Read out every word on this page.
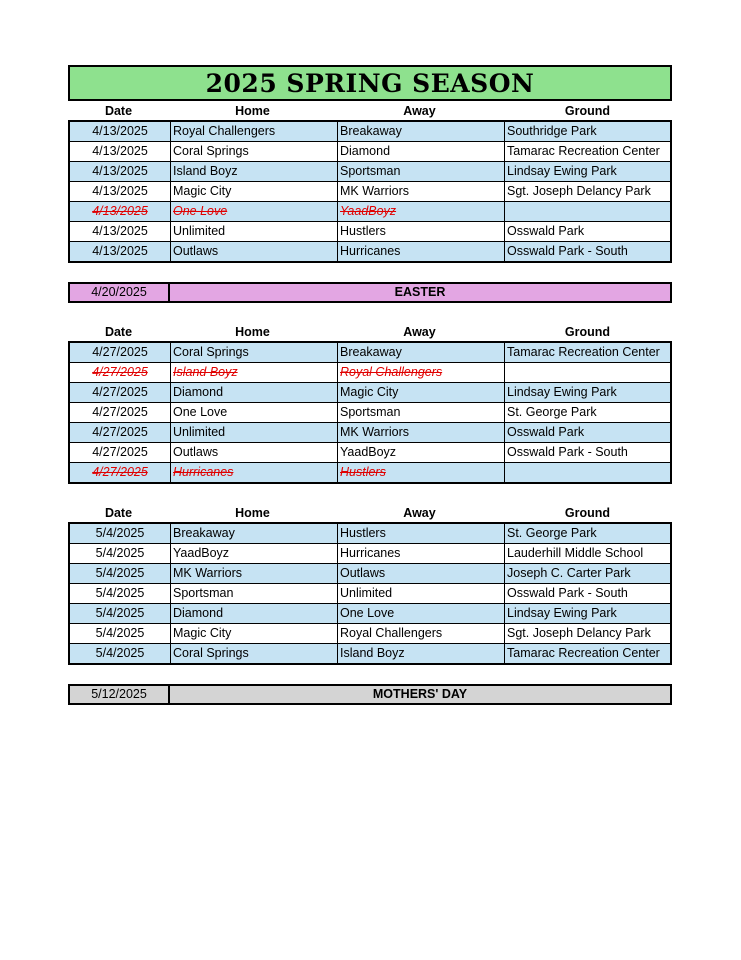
2025 SPRING SEASON
Date	Home	Away	Ground
4/13/2025	Royal Challengers	Breakaway	Southridge Park
4/13/2025	Coral Springs	Diamond	Tamarac Recreation Center
4/13/2025	Island Boyz	Sportsman	Lindsay Ewing Park
4/13/2025	Magic City	MK Warriors	Sgt. Joseph Delancy Park
4/13/2025	One Love	YaadBoyz
4/13/2025	Unlimited	Hustlers	Osswald Park
4/13/2025	Outlaws	Hurricanes	Osswald Park - South
4/20/2025	EASTER
Date	Home	Away	Ground
4/27/2025	Coral Springs	Breakaway	Tamarac Recreation Center
4/27/2025	Island Boyz	Royal Challengers
4/27/2025	Diamond	Magic City	Lindsay Ewing Park
4/27/2025	One Love	Sportsman	St. George Park
4/27/2025	Unlimited	MK Warriors	Osswald Park
4/27/2025	Outlaws	YaadBoyz	Osswald Park - South
4/27/2025	Hurricanes	Hustlers
Date	Home	Away	Ground
5/4/2025	Breakaway	Hustlers	St. George Park
5/4/2025	YaadBoyz	Hurricanes	Lauderhill Middle School
5/4/2025	MK Warriors	Outlaws	Joseph C. Carter Park
5/4/2025	Sportsman	Unlimited	Osswald Park - South
5/4/2025	Diamond	One Love	Lindsay Ewing Park
5/4/2025	Magic City	Royal Challengers	Sgt. Joseph Delancy Park
5/4/2025	Coral Springs	Island Boyz	Tamarac Recreation Center
5/12/2025	MOTHERS' DAY
